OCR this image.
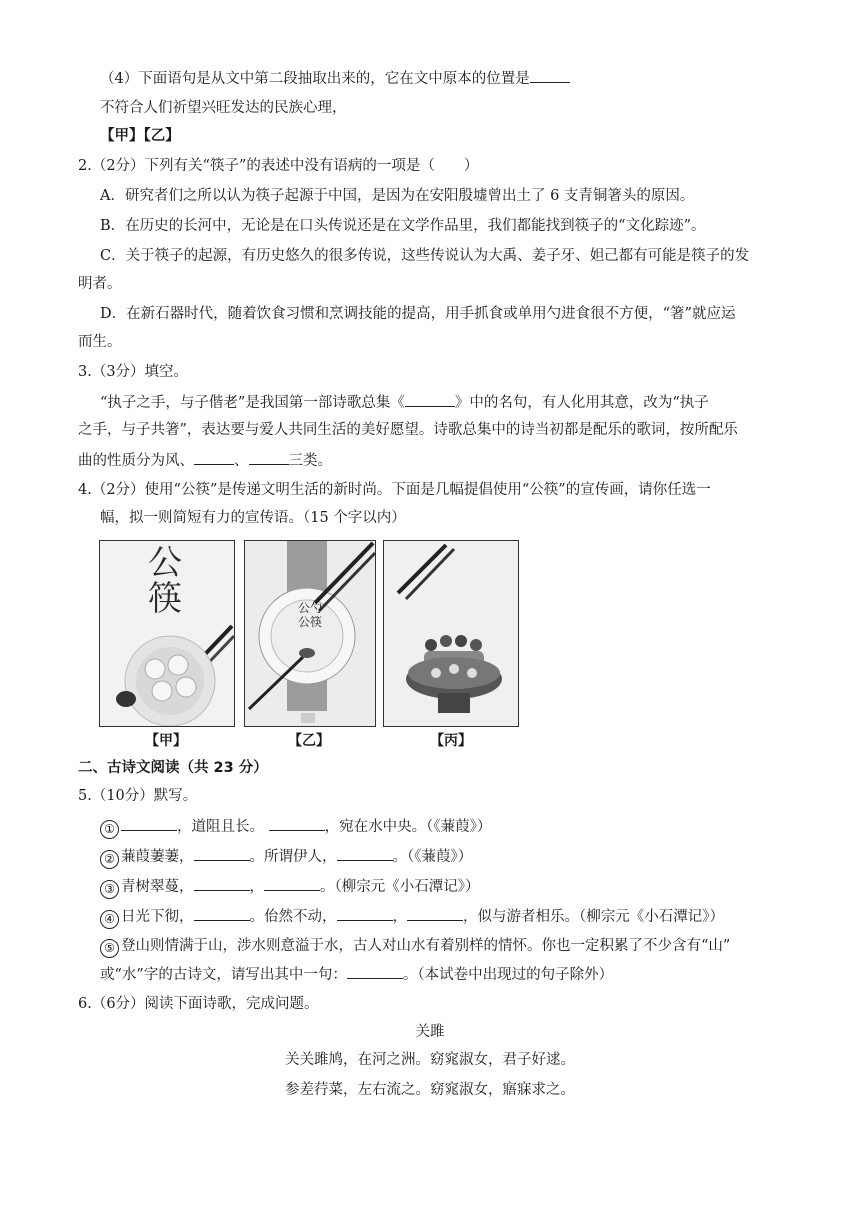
（4）下面语句是从文中第二段抽取出来的，它在文中原本的位置是
不符合人们祈望兴旺发达的民族心理，
【甲】【乙】
2.（2分）下列有关“筷子”的表述中没有语病的一项是（　　）
A．研究者们之所以认为筷子起源于中国，是因为在安阳殷墟曾出土了 6 支青铜箸头的原因。
B．在历史的长河中，无论是在口头传说还是在文学作品里，我们都能找到筷子的“文化踪迹”。
C．关于筷子的起源，有历史悠久的很多传说，这些传说认为大禹、姜子牙、妲己都有可能是筷子的发
明者。
D．在新石器时代，随着饮食习惯和烹调技能的提高，用手抓食或单用勺进食很不方便，“箸”就应运
而生。
3.（3分）填空。
“执子之手，与子偕老”是我国第一部诗歌总集《	》中的名句，有人化用其意，改为“执子
之手，与子共箸”，表达要与爱人共同生活的美好愿望。诗歌总集中的诗当初都是配乐的歌词，按所配乐
曲的性质分为风、	、	三类。
4.（2分）使用“公筷”是传递文明生活的新时尚。下面是几幅提倡使用“公筷”的宣传画，请你任选一
幅，拟一则简短有力的宣传语。（15 个字以内）
公筷
【甲】
公勺公筷
【乙】	【丙】
二、古诗文阅读（共 23 分）
5.（10分）默写。
①	，道阻且长。	，宛在水中央。（《蒹葭》）
② 蒹葭萋萋，	。所谓伊人，	。（《蒹葭》）
③ 青树翠蔓，	，	。（柳宗元《小石潭记》）
④ 日光下彻，	。佁然不动，	，	，似与游者相乐。（柳宗元《小石潭记》）
⑤ 登山则情满于山，涉水则意溢于水，古人对山水有着别样的情怀。你也一定积累了不少含有“山”
或“水”字的古诗文，请写出其中一句：	。（本试卷中出现过的句子除外）
6.（6分）阅读下面诗歌，完成问题。
关雎
关关雎鸠，在河之洲。窈窕淑女，君子好逑。
参差荇菜，左右流之。窈窕淑女，寤寐求之。
